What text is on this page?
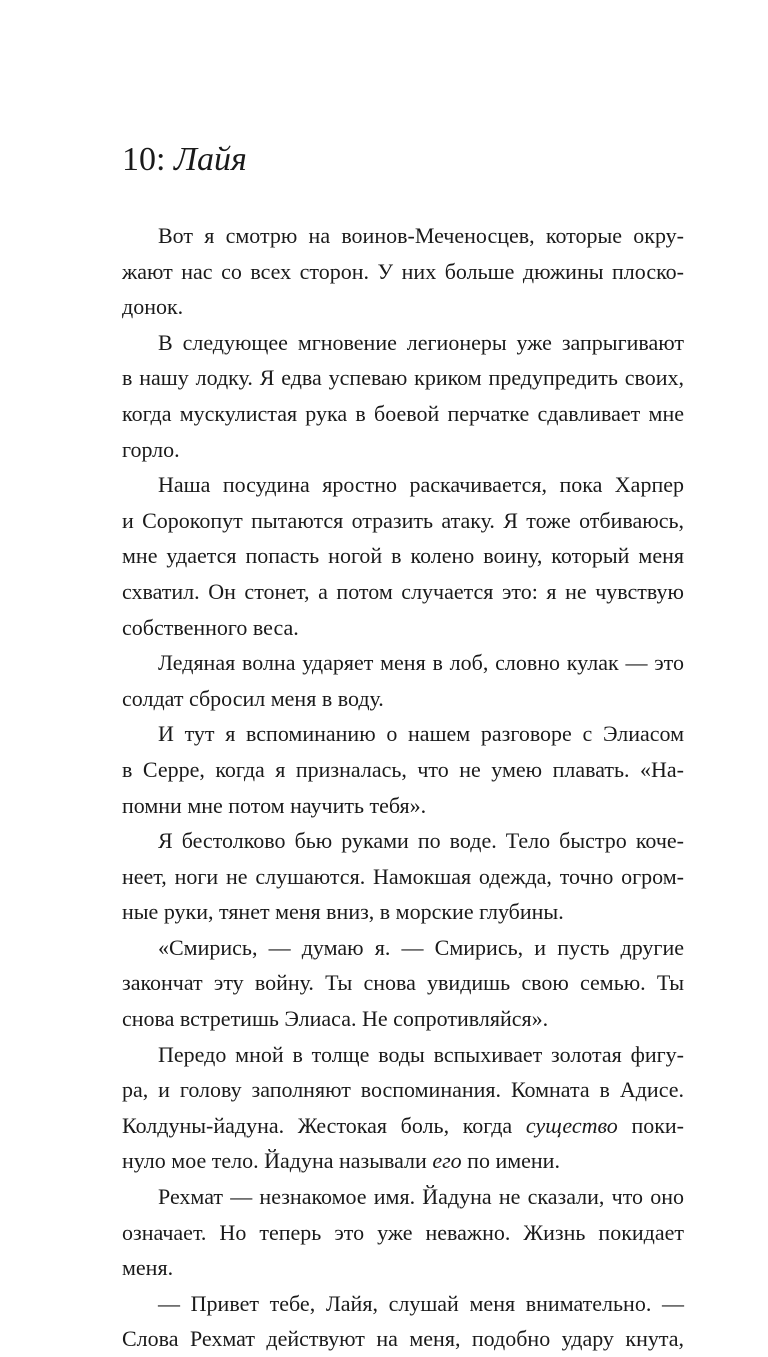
10: Лайя
Вот я смотрю на воинов-Меченосцев, которые окру-
жают нас со всех сторон. У них больше дюжины плоско-
донок.
В следующее мгновение легионеры уже запрыгивают
в нашу лодку. Я едва успеваю криком предупредить своих,
когда мускулистая рука в боевой перчатке сдавливает мне
горло.
Наша посудина яростно раскачивается, пока Харпер
и Сорокопут пытаются отразить атаку. Я тоже отбиваюсь,
мне удается попасть ногой в колено воину, который меня
схватил. Он стонет, а потом случается это: я не чувствую
собственного веса.
Ледяная волна ударяет меня в лоб, словно кулак — это
солдат сбросил меня в воду.
И тут я вспоминанию о нашем разговоре с Элиасом
в Серре, когда я призналась, что не умею плавать. «На-
помни мне потом научить тебя».
Я бестолково бью руками по воде. Тело быстро коче-
неет, ноги не слушаются. Намокшая одежда, точно огром-
ные руки, тянет меня вниз, в морские глубины.
«Смирись, — думаю я. — Смирись, и пусть другие
закончат эту войну. Ты снова увидишь свою семью. Ты
снова встретишь Элиаса. Не сопротивляйся».
Передо мной в толще воды вспыхивает золотая фигу-
ра, и голову заполняют воспоминания. Комната в Адисе.
Колдуны-йадуна. Жестокая боль, когда существо поки-
нуло мое тело. Йадуна называли его по имени.
Рехмат — незнакомое имя. Йадуна не сказали, что оно
означает. Но теперь это уже неважно. Жизнь покидает
меня.
— Привет тебе, Лайя, слушай меня внимательно. —
Слова Рехмат действуют на меня, подобно удару кнута,
